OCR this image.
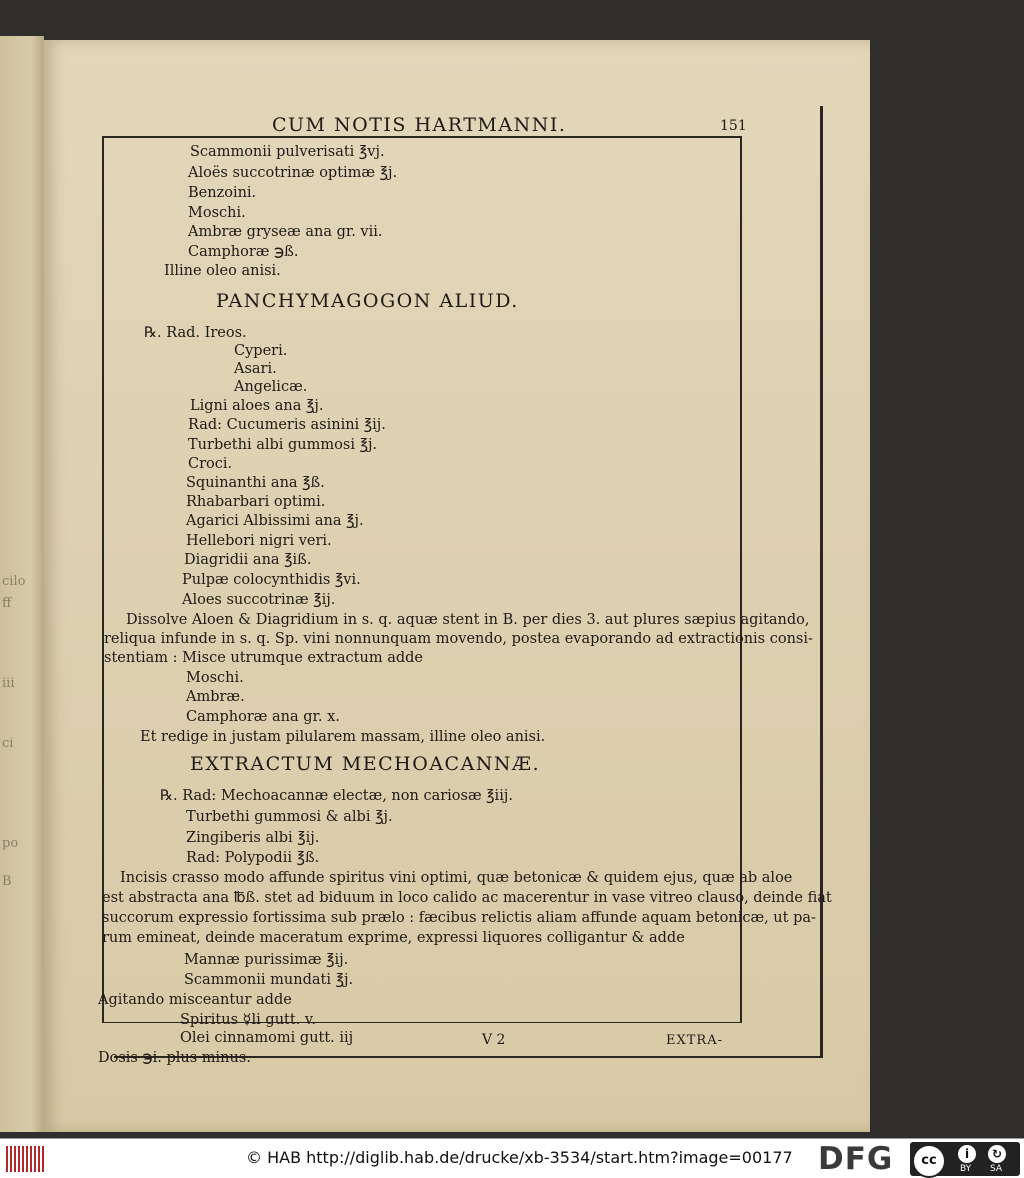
cilo
ff
iii
ci
po
B
CUM NOTIS HARTMANNI.	151
Scammonii pulverisati ℥vj.
Aloës succotrinæ optimæ ℥j.
Benzoini.
Moschi.
Ambræ gryseæ ana gr. vii.
Camphoræ ℈ß.
Illine oleo anisi.
PANCHYMAGOGON ALIUD.
℞. Rad. Ireos.
Cyperi.
Asari.
Angelicæ.
Ligni aloes ana ℥j.
Rad: Cucumeris asinini ℥ij.
Turbethi albi gummosi ℥j.
Croci.
Squinanthi ana ℥ß.
Rhabarbari optimi.
Agarici Albissimi ana ℥j.
Hellebori nigri veri.
Diagridii ana ℥iß.
Pulpæ colocynthidis ℥vi.
Aloes succotrinæ ℥ij.
Dissolve Aloen & Diagridium in s. q. aquæ stent in B. per dies 3. aut plures sæpius agitando,
reliqua infunde in s. q. Sp. vini nonnunquam movendo, postea evaporando ad extractionis consi-
stentiam : Misce utrumque extractum adde
Moschi.
Ambræ.
Camphoræ ana gr. x.
Et redige in justam pilularem massam, illine oleo anisi.
EXTRACTUM MECHOACANNÆ.
℞. Rad: Mechoacannæ electæ, non cariosæ ℥iij.
Turbethi gummosi & albi ℥j.
Zingiberis albi ℥ij.
Rad: Polypodii ℥ß.
Incisis crasso modo affunde spiritus vini optimi, quæ betonicæ & quidem ejus, quæ ab aloe
est abstracta ana ℔ß. stet ad biduum in loco calido ac macerentur in vase vitreo clauso, deinde fiat
succorum expressio fortissima sub prælo : fæcibus relictis aliam affunde aquam betonicæ, ut pa-
rum emineat, deinde maceratum exprime, expressi liquores colligantur & adde
Mannæ purissimæ ℥ij.
Scammonii mundati ℥j.
Agitando misceantur adde
Spiritus ☿li gutt. v.
Olei cinnamomi gutt. iij
Dosis ℈i. plus minus.
V 2	EXTRA-
© HAB http://diglib.hab.de/drucke/xb-3534/start.htm?image=00177 DFG	cc	i	↻
BY SA
